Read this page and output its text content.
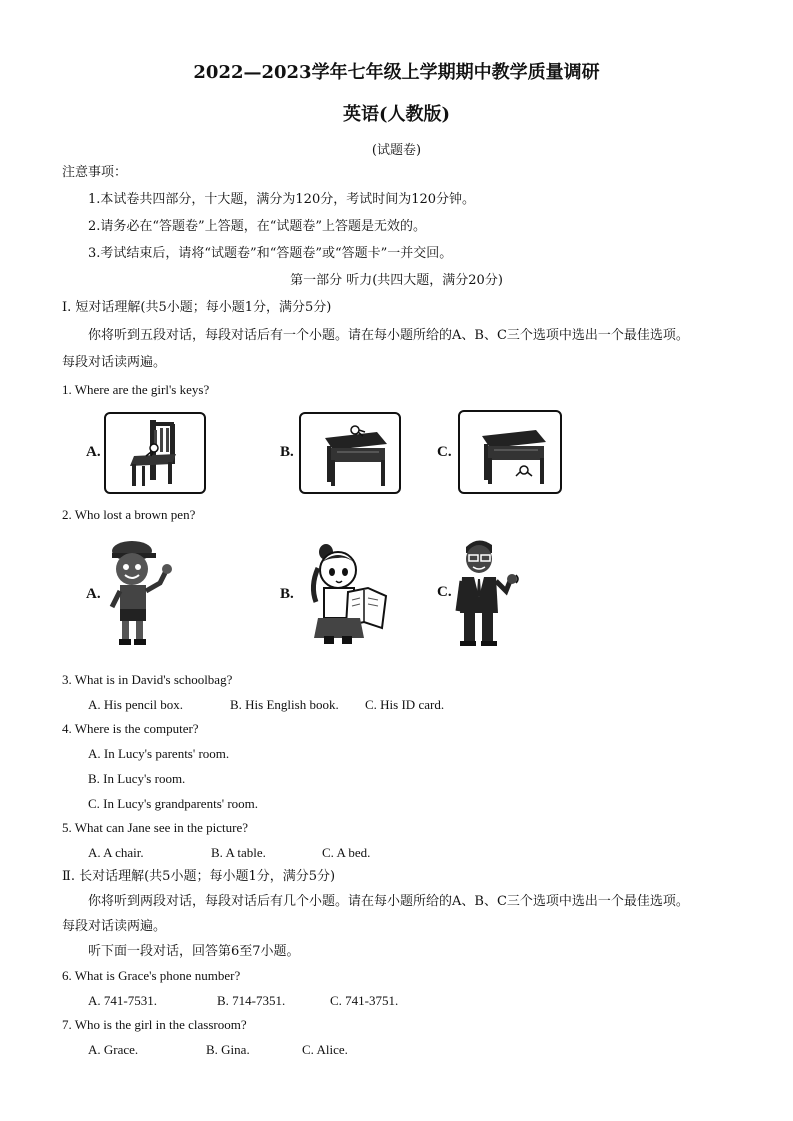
2022—2023学年七年级上学期期中教学质量调研
英语(人教版)
(试题卷)
注意事项：
1.本试卷共四部分，十大题，满分为120分，考试时间为120分钟。
2.请务必在“答题卷”上答题，在“试题卷”上答题是无效的。
3.考试结束后，请将“试题卷”和“答题卷”或“答题卡”一并交回。
第一部分 听力(共四大题，满分20分)
Ⅰ. 短对话理解(共5小题；每小题1分，满分5分)
你将听到五段对话，每段对话后有一个小题。请在每小题所给的A、B、C三个选项中选出一个最佳选项。
每段对话读两遍。
1. Where are the girl's keys?
A.	B.	C.
2. Who lost a brown pen?
A.	B.	C.
3. What is in David's schoolbag?
A. His pencil box.	B. His English book. C. His ID card.
4. Where is the computer?
A. In Lucy's parents' room.
B. In Lucy's room.
C. In Lucy's grandparents' room.
5. What can Jane see in the picture?
A. A chair.	B. A table.	C. A bed.
Ⅱ. 长对话理解(共5小题；每小题1分，满分5分)
你将听到两段对话，每段对话后有几个小题。请在每小题所给的A、B、C三个选项中选出一个最佳选项。
每段对话读两遍。
听下面一段对话，回答第6至7小题。
6. What is Grace's phone number?
A. 741-7531.	B. 714-7351.	C. 741-3751.
7. Who is the girl in the classroom?
A. Grace.	B. Gina.	C. Alice.
